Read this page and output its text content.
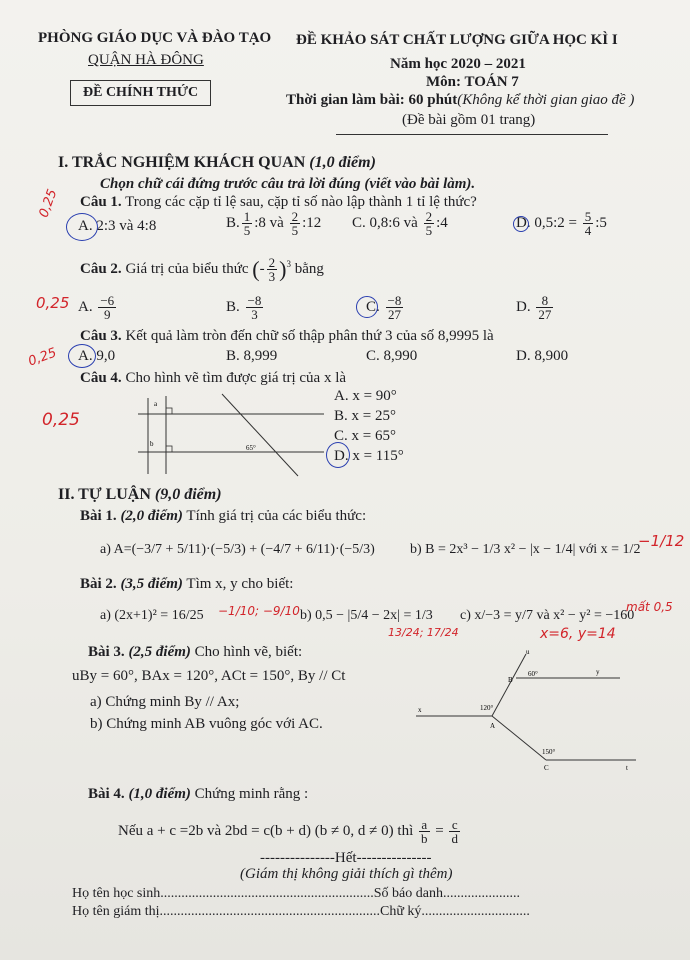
PHÒNG GIÁO DỤC VÀ ĐÀO TẠO
QUẬN HÀ ĐÔNG
ĐỀ CHÍNH THỨC
ĐỀ KHẢO SÁT CHẤT LƯỢNG GIỮA HỌC KÌ I
Năm học 2020 – 2021
Môn: TOÁN 7
Thời gian làm bài: 60 phút(Không kể thời gian giao đề )
(Đề bài gồm 01 trang)
I. TRẮC NGHIỆM KHÁCH QUAN (1,0 điểm)
Chọn chữ cái đứng trước câu trả lời đúng (viết vào bài làm).
Câu 1. Trong các cặp tỉ lệ sau, cặp tỉ số nào lập thành 1 tỉ lệ thức?
A. 2:3 và 4:8	B. $\frac{1}{5}$ :8 và $\frac{2}{5}$ :12 C. 0,8:6 và $\frac{2}{5}$ :4	D. 0,5:2 = $\frac{5}{4}$ :5
0,25
Câu 2. Giá trị của biểu thức (- $\frac{2}{3} )^3$ bằng
0,25 A. $\frac{-6}{9}$	B. $\frac{-8}{3}$	C. $\frac{-8}{27}$	D. $\frac{8}{27}$
Câu 3. Kết quả làm tròn đến chữ số thập phân thứ 3 của số 8,9995 là
0,25 A. 9,0	B. 8,999	C. 8,990	D. 8,900
Câu 4. Cho hình vẽ tìm được giá trị của x là
0,25
a
b	65°
A. x = 90°
B. x = 25°
C. x = 65°
D. x = 115°
II. TỰ LUẬN (9,0 điểm)
Bài 1. (2,0 điểm) Tính giá trị của các biểu thức:
a) A=(−3/7 + 5/11)·(−5/3) + (−4/7 + 6/11)·(−5/3)	b) B = 2x³ − 1/3 x² − |x − 1/4| với x = 1/2
−1/12
Bài 2. (3,5 điểm) Tìm x, y cho biết:
a) (2x+1)² = 16/25 −1/10; −9/10 b) 0,5 − |5/4 − 2x| = 1/3 c) x/−3 = y/7 và x² − y² = −160
mất 0,5
x=6, y=14
13/24; 17/24
Bài 3. (2,5 điểm) Cho hình vẽ, biết:
uBy = 60°, BAx = 120°, ACt = 150°, By // Ct
a) Chứng minh By // Ax;
b) Chứng minh AB vuông góc với AC.
u
B
y
60°
x	120°
A
150°
C	t
Bài 4. (1,0 điểm) Chứng minh rằng :
Nếu a + c =2b và 2bd = c(b + d) (b ≠ 0, d ≠ 0) thì $\frac{a}{b} = \frac{c}{d}$
---------------Hết---------------
(Giám thị không giải thích gì thêm)
Họ tên học sinh.............................................................Số báo danh......................
Họ tên giám thị...............................................................Chữ ký...............................
